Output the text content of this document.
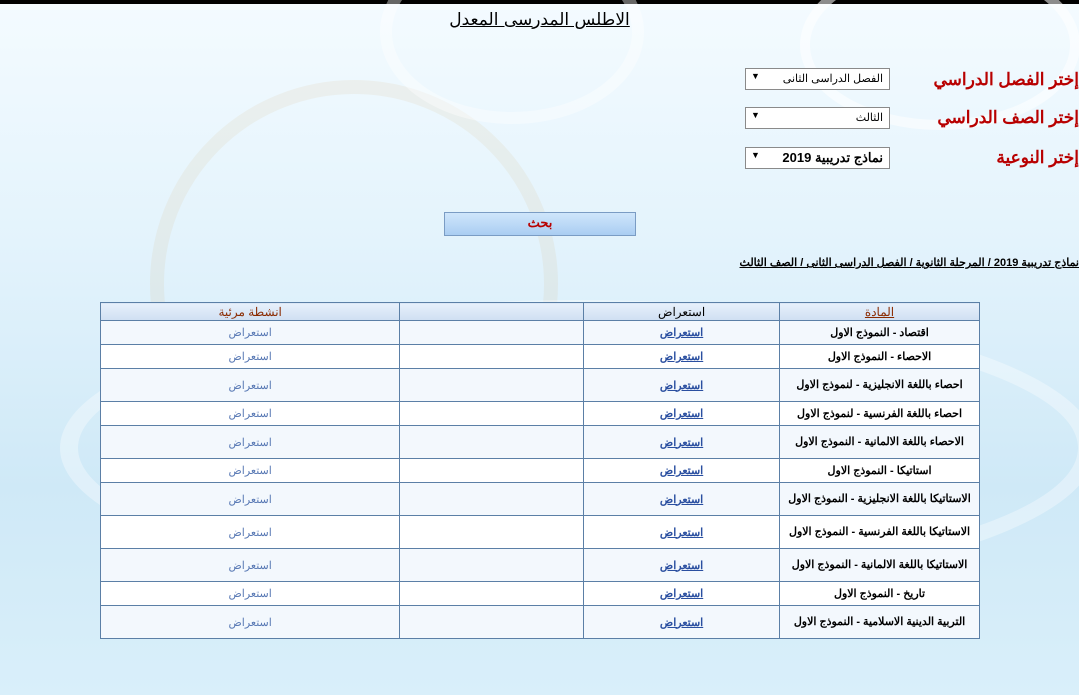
الاطلس المدرسى المعدل
إختر الفصل الدراسي
الفصل الدراسى الثانى
▼
إختر الصف الدراسي
الثالث
▼
إختر النوعية
نماذج تدريبية 2019
▼
بحث
نماذج تدريبية 2019 / المرحلة الثانوية / الفصل الدراسى الثانى / الصف الثالث
المادة	استعراض		انشطة مرئية
اقتصاد - النموذج الاول	استعراض		استعراض
الاحصاء - النموذج الاول	استعراض		استعراض
احصاء باللغة الانجليزية - لنموذج الاول	استعراض		استعراض
احصاء باللغة الفرنسية - لنموذج الاول	استعراض		استعراض
الاحصاء باللغة الالمانية - النموذج الاول	استعراض		استعراض
استاتيكا - النموذج الاول	استعراض		استعراض
الاستاتيكا باللغة الانجليزية - النموذج الاول	استعراض		استعراض
الاستاتيكا باللغة الفرنسية - النموذج الاول	استعراض		استعراض
الاستاتيكا باللغة الالمانية - النموذج الاول	استعراض		استعراض
تاريخ - النموذج الاول	استعراض		استعراض
التربية الدينية الاسلامية - النموذج الاول	استعراض		استعراض
